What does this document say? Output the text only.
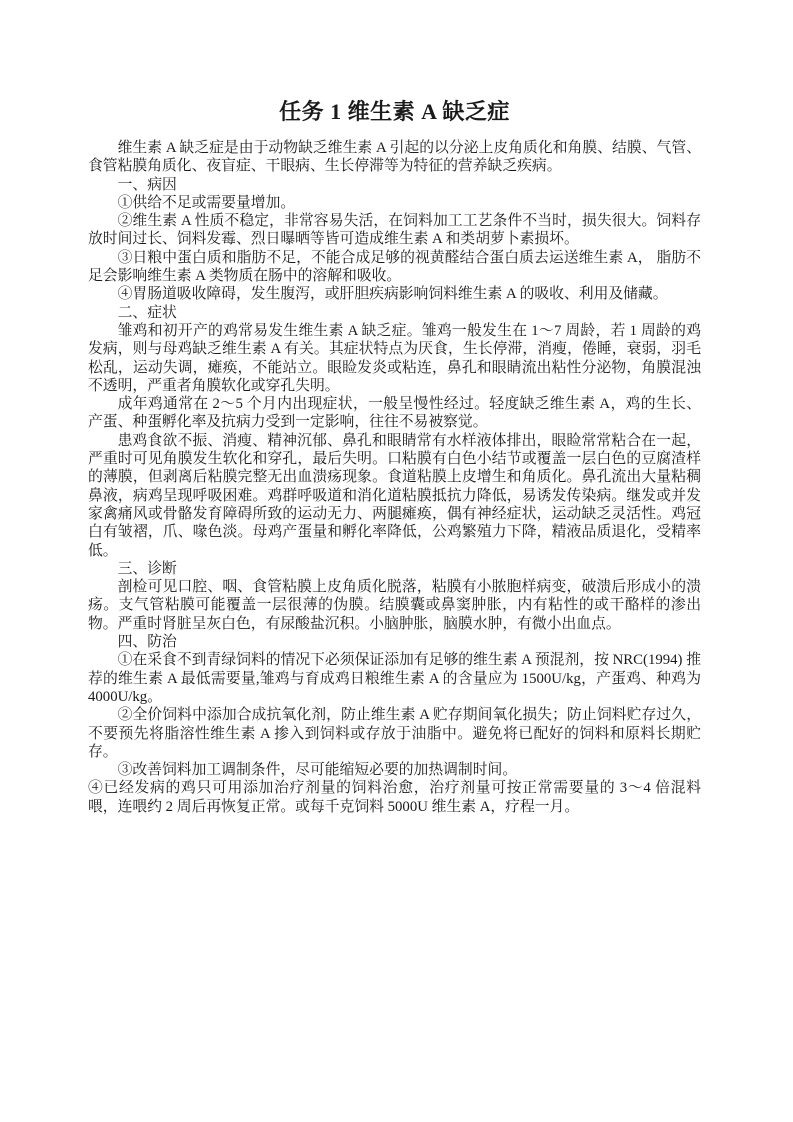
任务 1 维生素 A 缺乏症

维生素 A 缺乏症是由于动物缺乏维生素 A 引起的以分泌上皮角质化和角膜、结膜、气管、食管粘膜角质化、夜盲症、干眼病、生长停滞等为特征的营养缺乏疾病。

一、病因

①供给不足或需要量增加。

②维生素 A 性质不稳定，非常容易失活，在饲料加工工艺条件不当时，损失很大。饲料存放时间过长、饲料发霉、烈日曝晒等皆可造成维生素 A 和类胡萝卜素损坏。

③日粮中蛋白质和脂肪不足，不能合成足够的视黄醛结合蛋白质去运送维生素 A， 脂肪不足会影响维生素 A 类物质在肠中的溶解和吸收。

④胃肠道吸收障碍，发生腹泻，或肝胆疾病影响饲料维生素 A 的吸收、利用及储藏。

二、症状

雏鸡和初开产的鸡常易发生维生素 A 缺乏症。雏鸡一般发生在 1～7 周龄，若 1 周龄的鸡发病，则与母鸡缺乏维生素 A 有关。其症状特点为厌食，生长停滞，消瘦，倦睡，衰弱，羽毛松乱，运动失调，瘫痪，不能站立。眼睑发炎或粘连，鼻孔和眼睛流出粘性分泌物，角膜混浊不透明，严重者角膜软化或穿孔失明。

成年鸡通常在 2～5 个月内出现症状，一般呈慢性经过。轻度缺乏维生素 A，鸡的生长、产蛋、种蛋孵化率及抗病力受到一定影响，往往不易被察觉。

患鸡食欲不振、消瘦、精神沉郁、鼻孔和眼睛常有水样液体排出，眼睑常常粘合在一起，严重时可见角膜发生软化和穿孔，最后失明。口粘膜有白色小结节或覆盖一层白色的豆腐渣样的薄膜，但剥离后粘膜完整无出血溃疡现象。食道粘膜上皮增生和角质化。鼻孔流出大量粘稠鼻液，病鸡呈现呼吸困难。鸡群呼吸道和消化道粘膜抵抗力降低，易诱发传染病。继发或并发家禽痛风或骨骼发育障碍所致的运动无力、两腿瘫痪，偶有神经症状，运动缺乏灵活性。鸡冠白有皱褶，爪、喙色淡。母鸡产蛋量和孵化率降低，公鸡繁殖力下降，精液品质退化，受精率低。

三、诊断

剖检可见口腔、咽、食管粘膜上皮角质化脱落，粘膜有小脓胞样病变，破溃后形成小的溃疡。支气管粘膜可能覆盖一层很薄的伪膜。结膜囊或鼻窦肿胀，内有粘性的或干酪样的渗出物。严重时肾脏呈灰白色，有尿酸盐沉积。小脑肿胀，脑膜水肿，有微小出血点。

四、防治

①在采食不到青绿饲料的情况下必须保证添加有足够的维生素 A 预混剂，按 NRC(1994) 推荐的维生素 A 最低需要量,雏鸡与育成鸡日粮维生素 A 的含量应为 1500U/kg，产蛋鸡、种鸡为 4000U/kg。

②全价饲料中添加合成抗氧化剂，防止维生素 A 贮存期间氧化损失；防止饲料贮存过久，不要预先将脂溶性维生素 A 掺入到饲料或存放于油脂中。避免将已配好的饲料和原料长期贮存。

③改善饲料加工调制条件，尽可能缩短必要的加热调制时间。

④已经发病的鸡只可用添加治疗剂量的饲料治愈，治疗剂量可按正常需要量的 3～4 倍混料喂，连喂约 2 周后再恢复正常。或每千克饲料 5000U 维生素 A，疗程一月。
